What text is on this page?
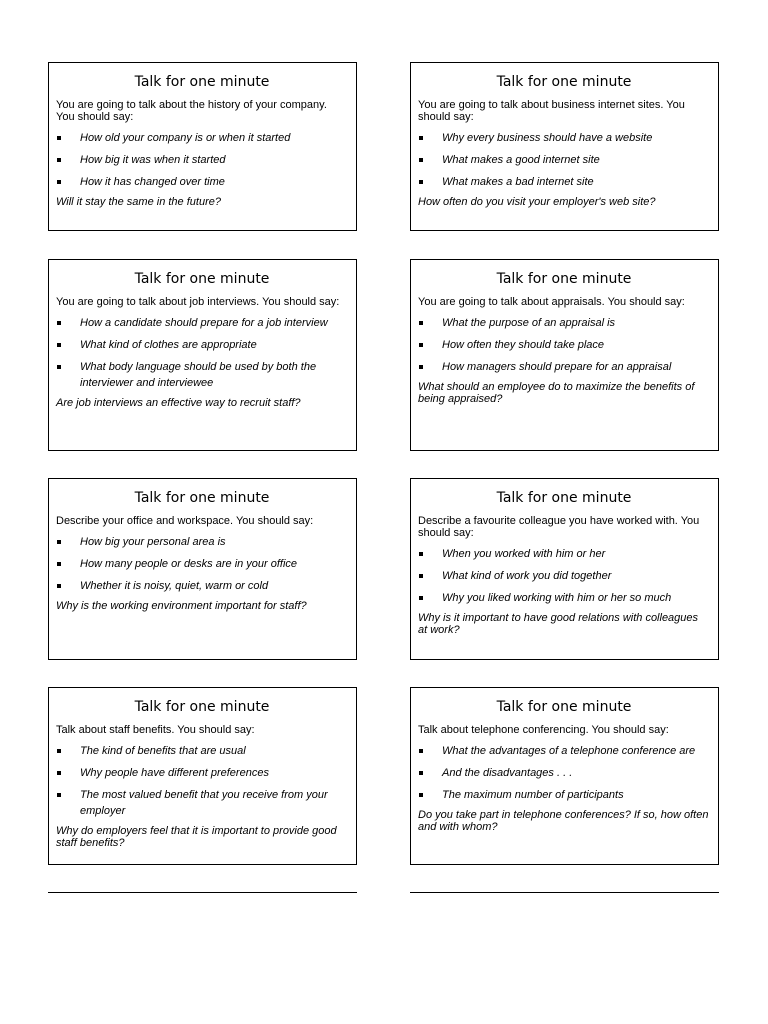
Talk for one minute
You are going to talk about the history of your company. You should say:
How old your company is or when it started
How big it was when it started
How it has changed over time
Will it stay the same in the future?
Talk for one minute
You are going to talk about business internet sites. You should say:
Why every business should have a website
What makes a good internet site
What makes a bad internet site
How often do you visit your employer's web site?
Talk for one minute
You are going to talk about job interviews. You should say:
How a candidate should prepare for a job interview
What kind of clothes are appropriate
What body language should be used by both the interviewer and interviewee
Are job interviews an effective way to recruit staff?
Talk for one minute
You are going to talk about appraisals. You should say:
What the purpose of an appraisal is
How often they should take place
How managers should prepare for an appraisal
What should an employee do to maximize the benefits of being appraised?
Talk for one minute
Describe your office and workspace. You should say:
How big your personal area is
How many people or desks are in your office
Whether it is noisy, quiet, warm or cold
Why is the working environment important for staff?
Talk for one minute
Describe a favourite colleague you have worked with. You should say:
When you worked with him or her
What kind of work you did together
Why you liked working with him or her so much
Why is it important to have good relations with colleagues at work?
Talk for one minute
Talk about staff benefits. You should say:
The kind of benefits that are usual
Why people have different preferences
The most valued benefit that you receive from your employer
Why do employers feel that it is important to provide good staff benefits?
Talk for one minute
Talk about telephone conferencing. You should say:
What the advantages of a telephone conference are
And the disadvantages . . .
The maximum number of participants
Do you take part in telephone conferences? If so, how often and with whom?
